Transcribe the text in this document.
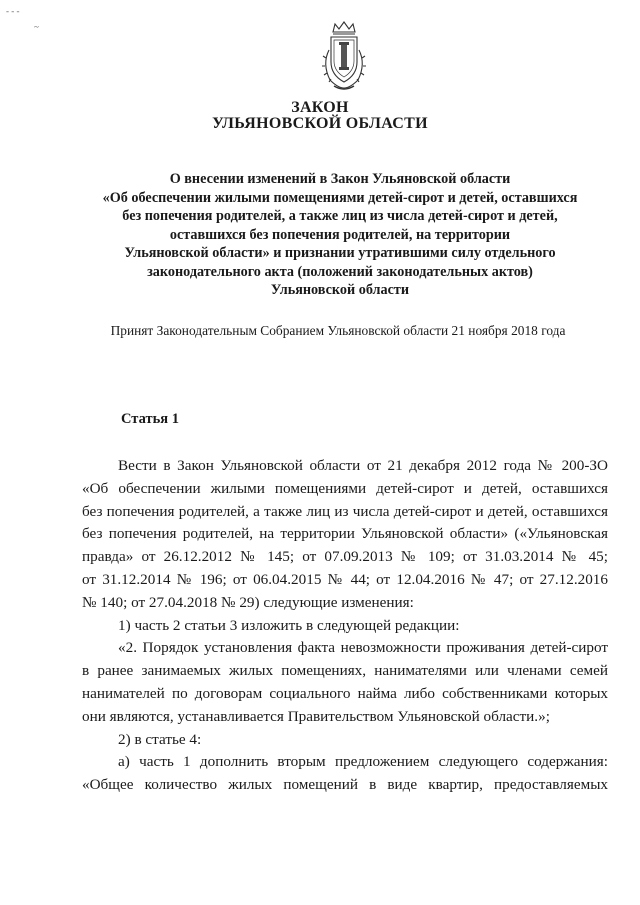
- - -
~
ЗАКОН
УЛЬЯНОВСКОЙ ОБЛАСТИ
О внесении изменений в Закон Ульяновской области
«Об обеспечении жилыми помещениями детей-сирот и детей, оставшихся
без попечения родителей, а также лиц из числа детей-сирот и детей,
оставшихся без попечения родителей, на территории
Ульяновской области» и признании утратившими силу отдельного
законодательного акта (положений законодательных актов)
Ульяновской области
Принят Законодательным Собранием Ульяновской области 21 ноября 2018 года
Статья 1
Вести в Закон Ульяновской области от 21 декабря 2012 года № 200-ЗО
«Об обеспечении жилыми помещениями детей-сирот и детей, оставшихся
без попечения родителей, а также лиц из числа детей-сирот и детей, оставшихся
без попечения родителей, на территории Ульяновской области» («Ульяновская
правда» от 26.12.2012 № 145; от 07.09.2013 № 109; от 31.03.2014 № 45;
от 31.12.2014 № 196; от 06.04.2015 № 44; от 12.04.2016 № 47; от 27.12.2016
№ 140; от 27.04.2018 № 29) следующие изменения:
1) часть 2 статьи 3 изложить в следующей редакции:
«2. Порядок установления факта невозможности проживания детей-сирот
в ранее занимаемых жилых помещениях, нанимателями или членами семей
нанимателей по договорам социального найма либо собственниками которых
они являются, устанавливается Правительством Ульяновской области.»;
2) в статье 4:
а) часть 1 дополнить вторым предложением следующего содержания:
«Общее количество жилых помещений в виде квартир, предоставляемых
